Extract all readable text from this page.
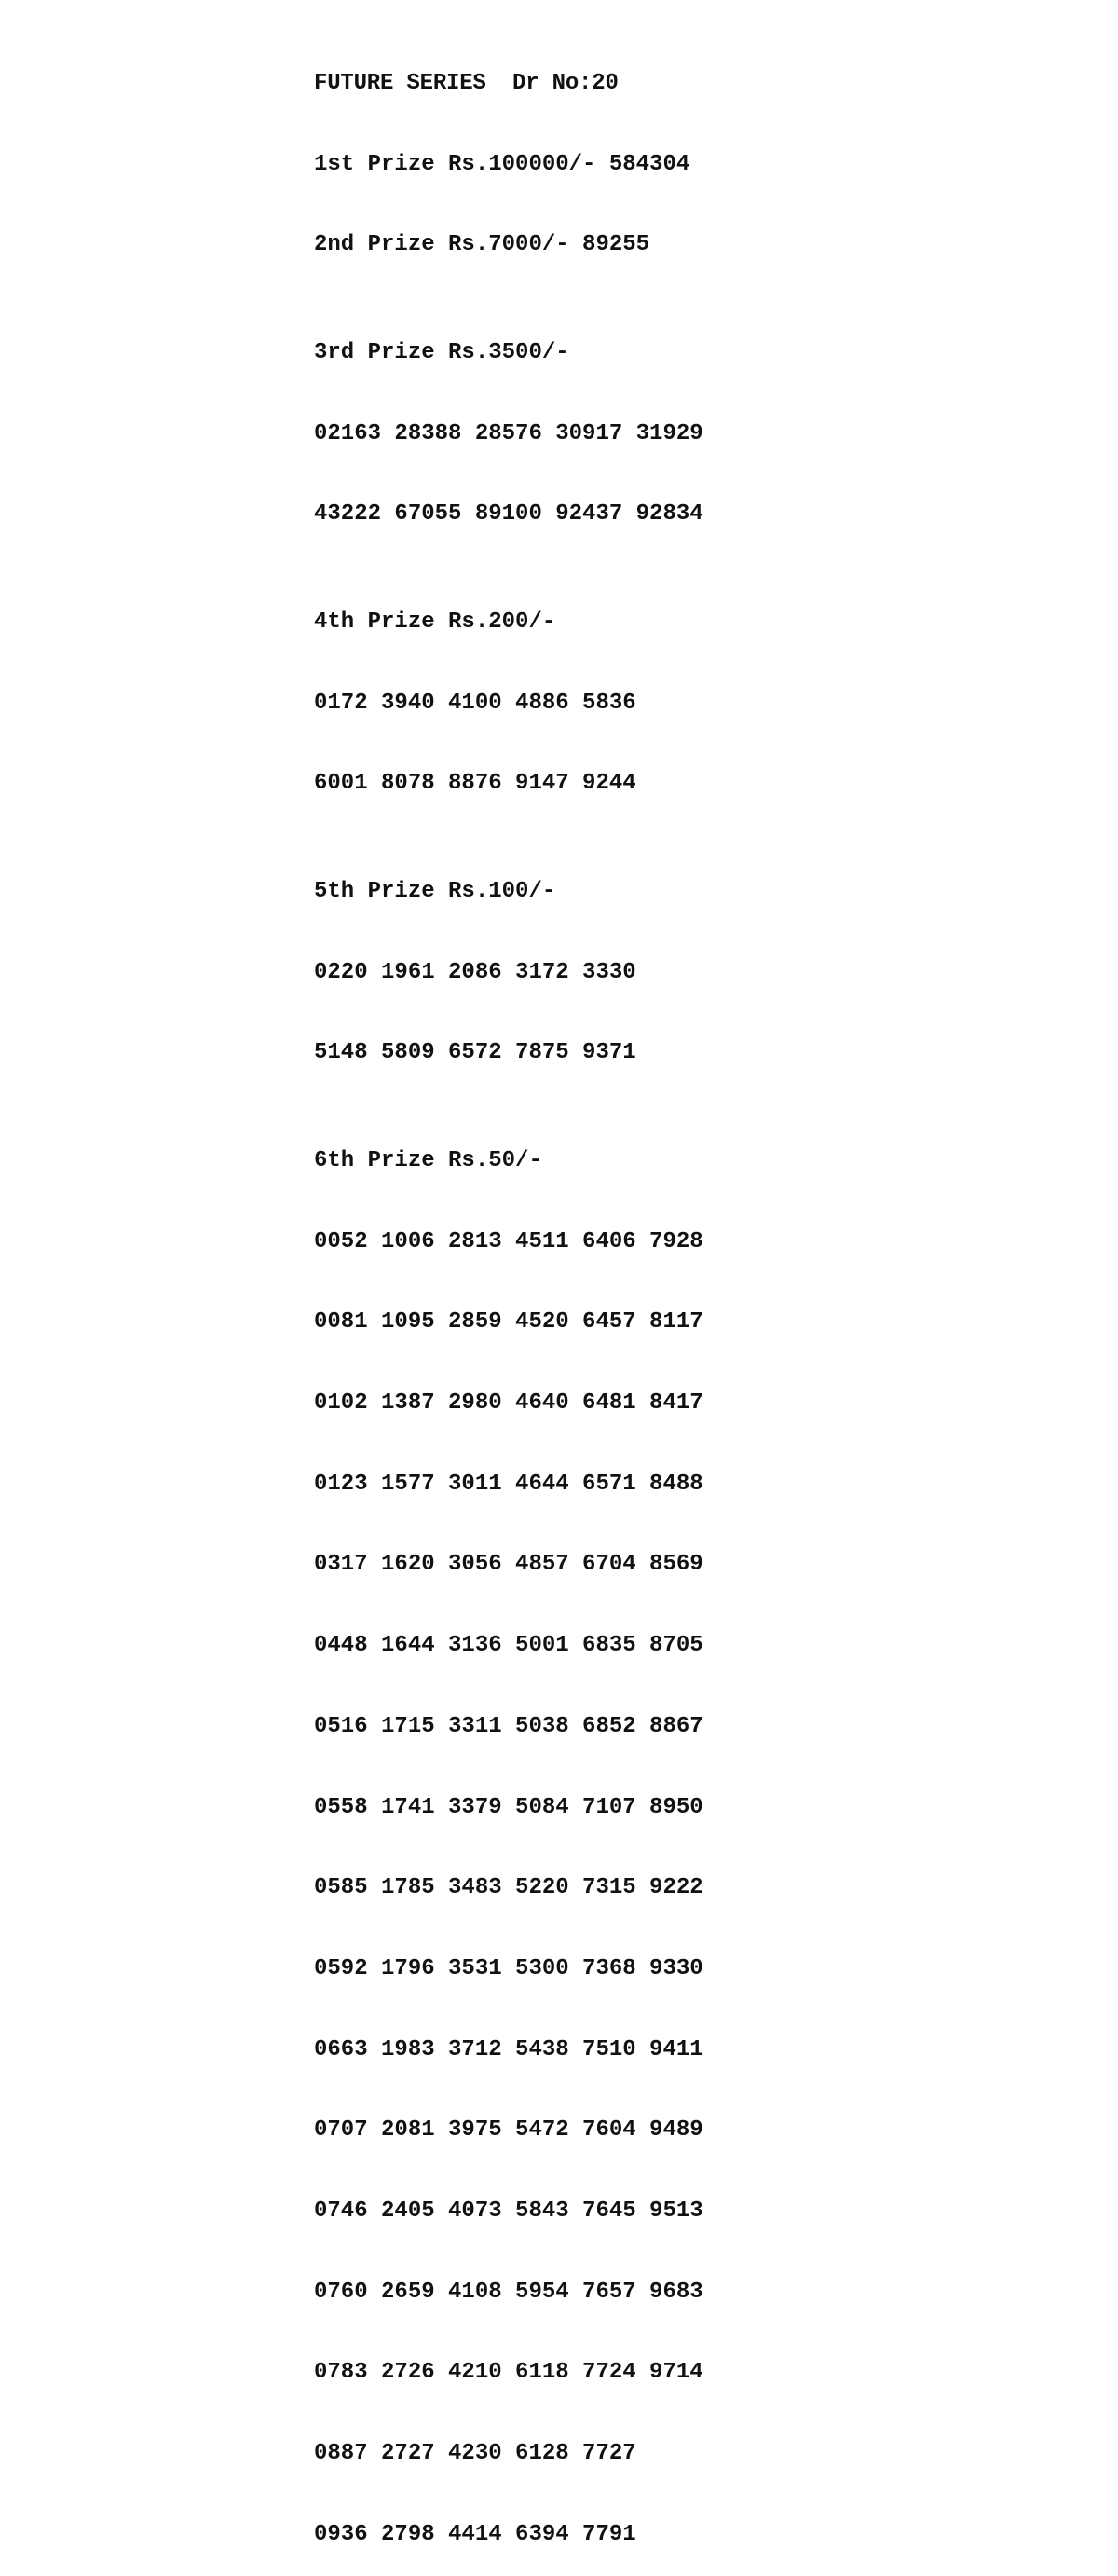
FUTURE SERIES  Dr No:20

1st Prize Rs.100000/- 584304

2nd Prize Rs.7000/- 89255

3rd Prize Rs.3500/-

02163 28388 28576 30917 31929

43222 67055 89100 92437 92834

4th Prize Rs.200/-

0172 3940 4100 4886 5836

6001 8078 8876 9147 9244

5th Prize Rs.100/-

0220 1961 2086 3172 3330

5148 5809 6572 7875 9371

6th Prize Rs.50/-

0052 1006 2813 4511 6406 7928

0081 1095 2859 4520 6457 8117

0102 1387 2980 4640 6481 8417

0123 1577 3011 4644 6571 8488

0317 1620 3056 4857 6704 8569

0448 1644 3136 5001 6835 8705

0516 1715 3311 5038 6852 8867

0558 1741 3379 5084 7107 8950

0585 1785 3483 5220 7315 9222

0592 1796 3531 5300 7368 9330

0663 1983 3712 5438 7510 9411

0707 2081 3975 5472 7604 9489

0746 2405 4073 5843 7645 9513

0760 2659 4108 5954 7657 9683

0783 2726 4210 6118 7724 9714

0887 2727 4230 6128 7727

0936 2798 4414 6394 7791
